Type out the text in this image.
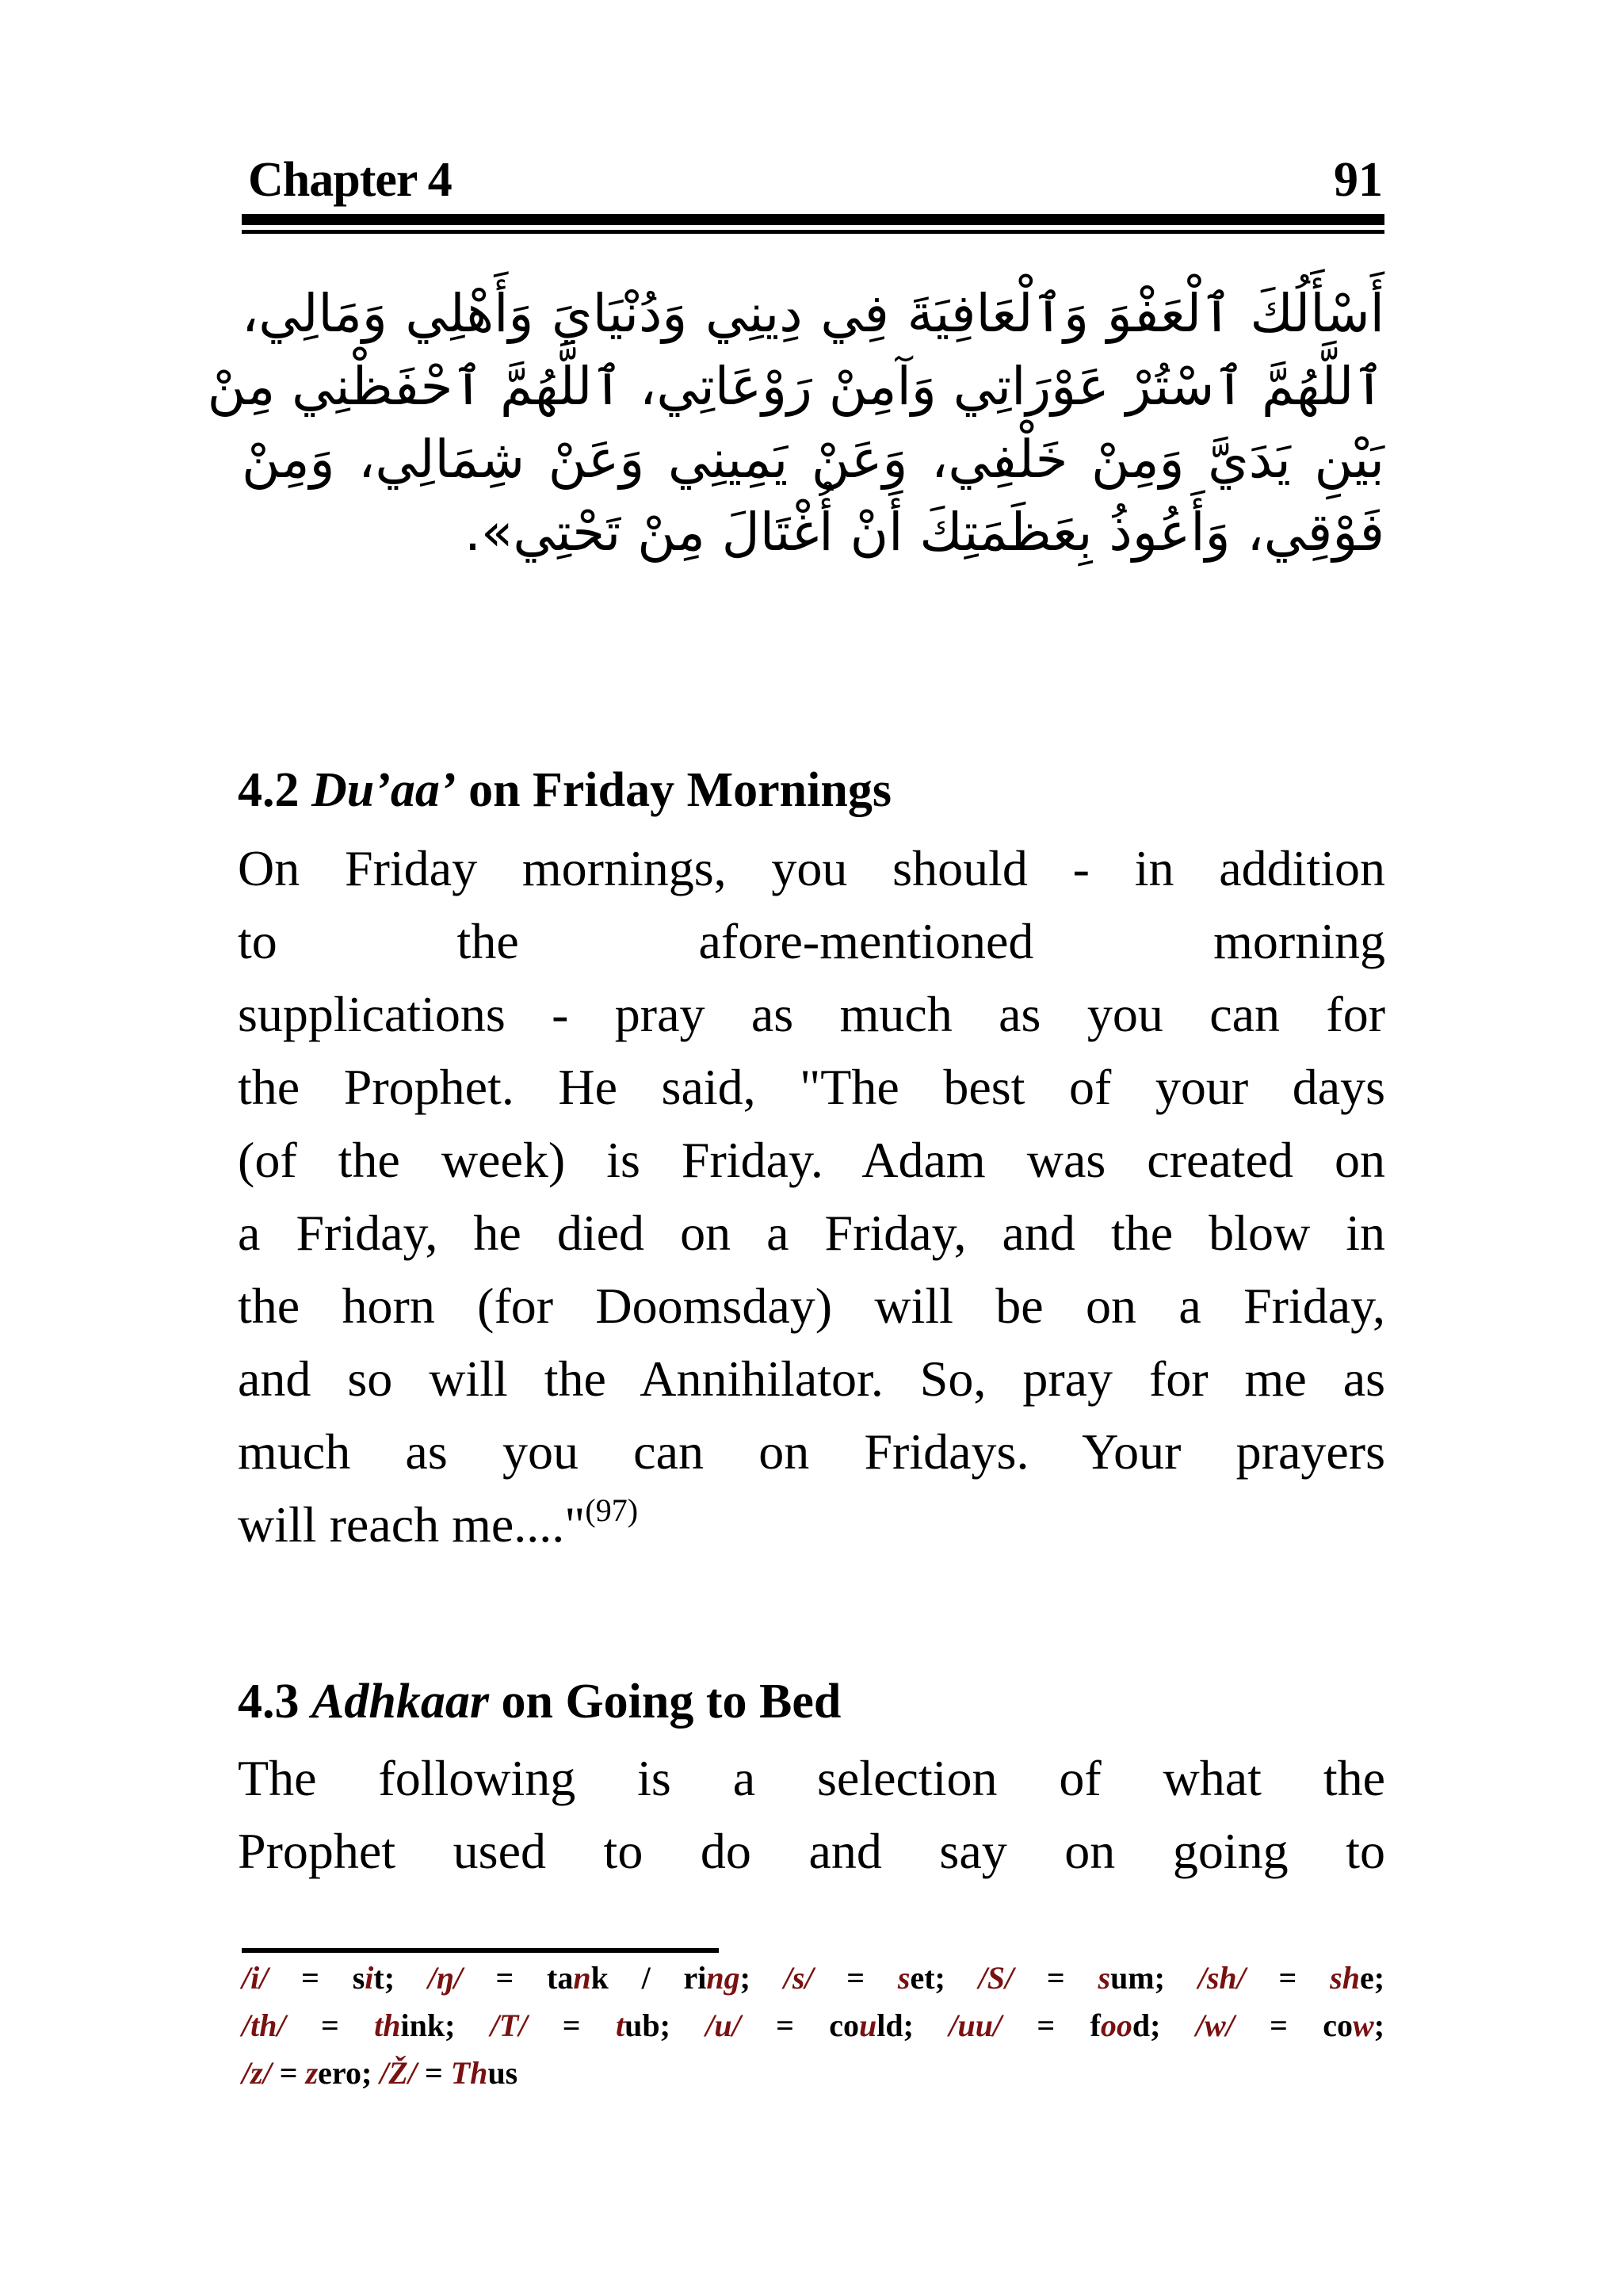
Chapter 4	91
أَسْأَلُكَ ٱلْعَفْوَ وَٱلْعَافِيَةَ فِي دِينِي وَدُنْيَايَ وَأَهْلِي وَمَالِي،
ٱللَّهُمَّ ٱسْتُرْ عَوْرَاتِي وَآمِنْ رَوْعَاتِي، ٱللَّهُمَّ ٱحْفَظْنِي مِنْ
بَيْنِ يَدَيَّ وَمِنْ خَلْفِي، وَعَنْ يَمِينِي وَعَنْ شِمَالِي، وَمِنْ
فَوْقِي، وَأَعُوذُ بِعَظَمَتِكَ أَنْ أُغْتَالَ مِنْ تَحْتِي».
4.2 Du’aa’ on Friday Mornings
On Friday mornings, you should - in addition
to the afore-mentioned morning
supplications - pray as much as you can for
the Prophet. He said, "The best of your days
(of the week) is Friday. Adam was created on
a Friday, he died on a Friday, and the blow in
the horn (for Doomsday) will be on a Friday,
and so will the Annihilator. So, pray for me as
much as you can on Fridays. Your prayers
will reach me...."$^{(97)}$
4.3 Adhkaar on Going to Bed
The following is a selection of what the
Prophet used to do and say on going to
/i/ = sit; /ŋ/ = tank / ring; /s/ = set; /S/ = sum; /sh/ = she;
/th/ = think; /T/ = tub; /u/ = could; /uu/ = food; /w/ = cow;
/z/ = zero; /Ž/ = Thus
